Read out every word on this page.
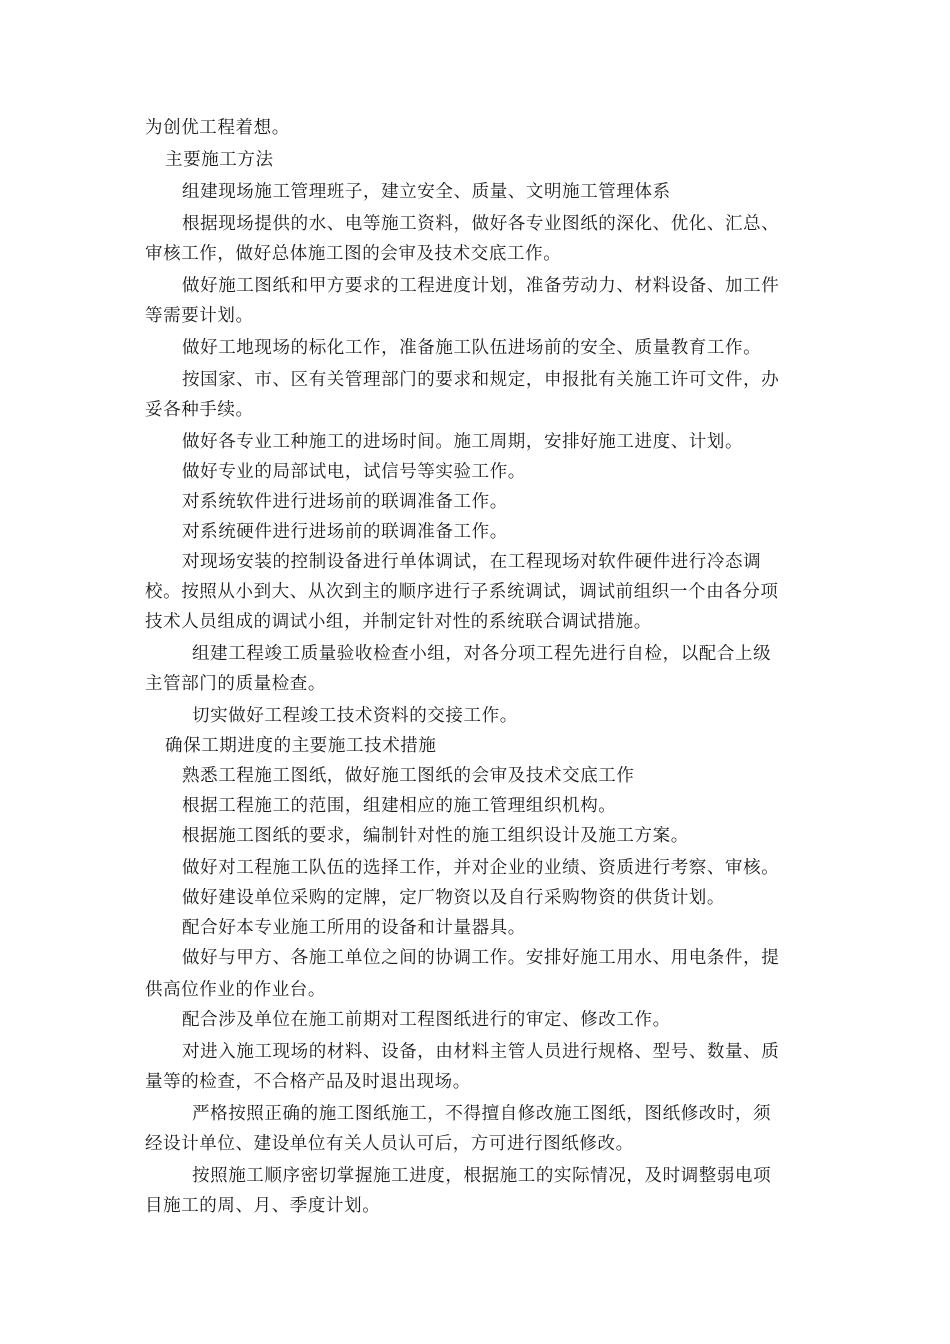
为创优工程着想。
主要施工方法
组建现场施工管理班子，建立安全、质量、文明施工管理体系
根据现场提供的水、电等施工资料，做好各专业图纸的深化、优化、汇总、
审核工作，做好总体施工图的会审及技术交底工作。
做好施工图纸和甲方要求的工程进度计划，准备劳动力、材料设备、加工件
等需要计划。
做好工地现场的标化工作，准备施工队伍进场前的安全、质量教育工作。
按国家、市、区有关管理部门的要求和规定，申报批有关施工许可文件，办
妥各种手续。
做好各专业工种施工的进场时间。施工周期，安排好施工进度、计划。
做好专业的局部试电，试信号等实验工作。
对系统软件进行进场前的联调准备工作。
对系统硬件进行进场前的联调准备工作。
对现场安装的控制设备进行单体调试，在工程现场对软件硬件进行冷态调
校。按照从小到大、从次到主的顺序进行子系统调试，调试前组织一个由各分项
技术人员组成的调试小组，并制定针对性的系统联合调试措施。
组建工程竣工质量验收检查小组，对各分项工程先进行自检，以配合上级
主管部门的质量检查。
切实做好工程竣工技术资料的交接工作。
确保工期进度的主要施工技术措施
熟悉工程施工图纸，做好施工图纸的会审及技术交底工作
根据工程施工的范围，组建相应的施工管理组织机构。
根据施工图纸的要求，编制针对性的施工组织设计及施工方案。
做好对工程施工队伍的选择工作，并对企业的业绩、资质进行考察、审核。
做好建设单位采购的定牌，定厂物资以及自行采购物资的供货计划。
配合好本专业施工所用的设备和计量器具。
做好与甲方、各施工单位之间的协调工作。安排好施工用水、用电条件，提
供高位作业的作业台。
配合涉及单位在施工前期对工程图纸进行的审定、修改工作。
对进入施工现场的材料、设备，由材料主管人员进行规格、型号、数量、质
量等的检查，不合格产品及时退出现场。
严格按照正确的施工图纸施工，不得擅自修改施工图纸，图纸修改时，须
经设计单位、建设单位有关人员认可后，方可进行图纸修改。
按照施工顺序密切掌握施工进度，根据施工的实际情况，及时调整弱电项
目施工的周、月、季度计划。
